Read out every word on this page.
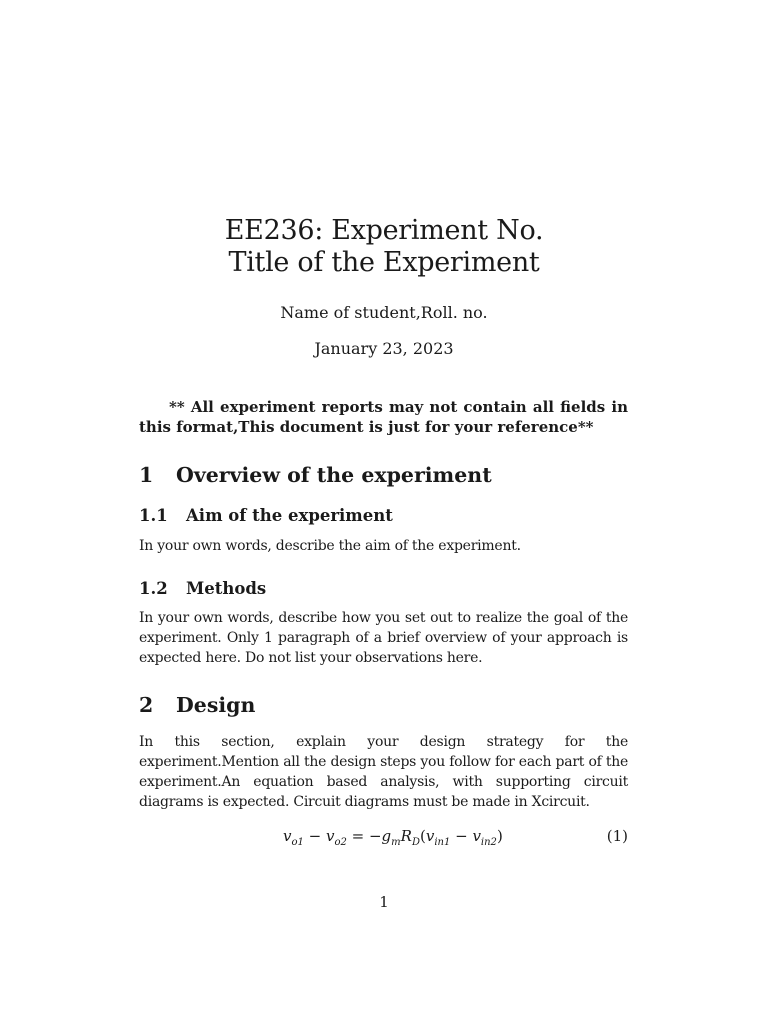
EE236: Experiment No.
Title of the Experiment
Name of student,Roll. no.
January 23, 2023
** All experiment reports may not contain all fields in this format,This document is just for your reference**
1 Overview of the experiment
1.1 Aim of the experiment
In your own words, describe the aim of the experiment.
1.2 Methods
In your own words, describe how you set out to realize the goal of the experiment. Only 1 paragraph of a brief overview of your approach is expected here. Do not list your observations here.
2 Design
In this section, explain your design strategy for the experiment.Mention all the design steps you follow for each part of the experiment.An equation based analysis, with supporting circuit diagrams is expected. Circuit diagrams must be made in Xcircuit.
$v_{o1} - v_{o2} = -g_mR_D(v_{in1} - v_{in2})$	(1)
1
